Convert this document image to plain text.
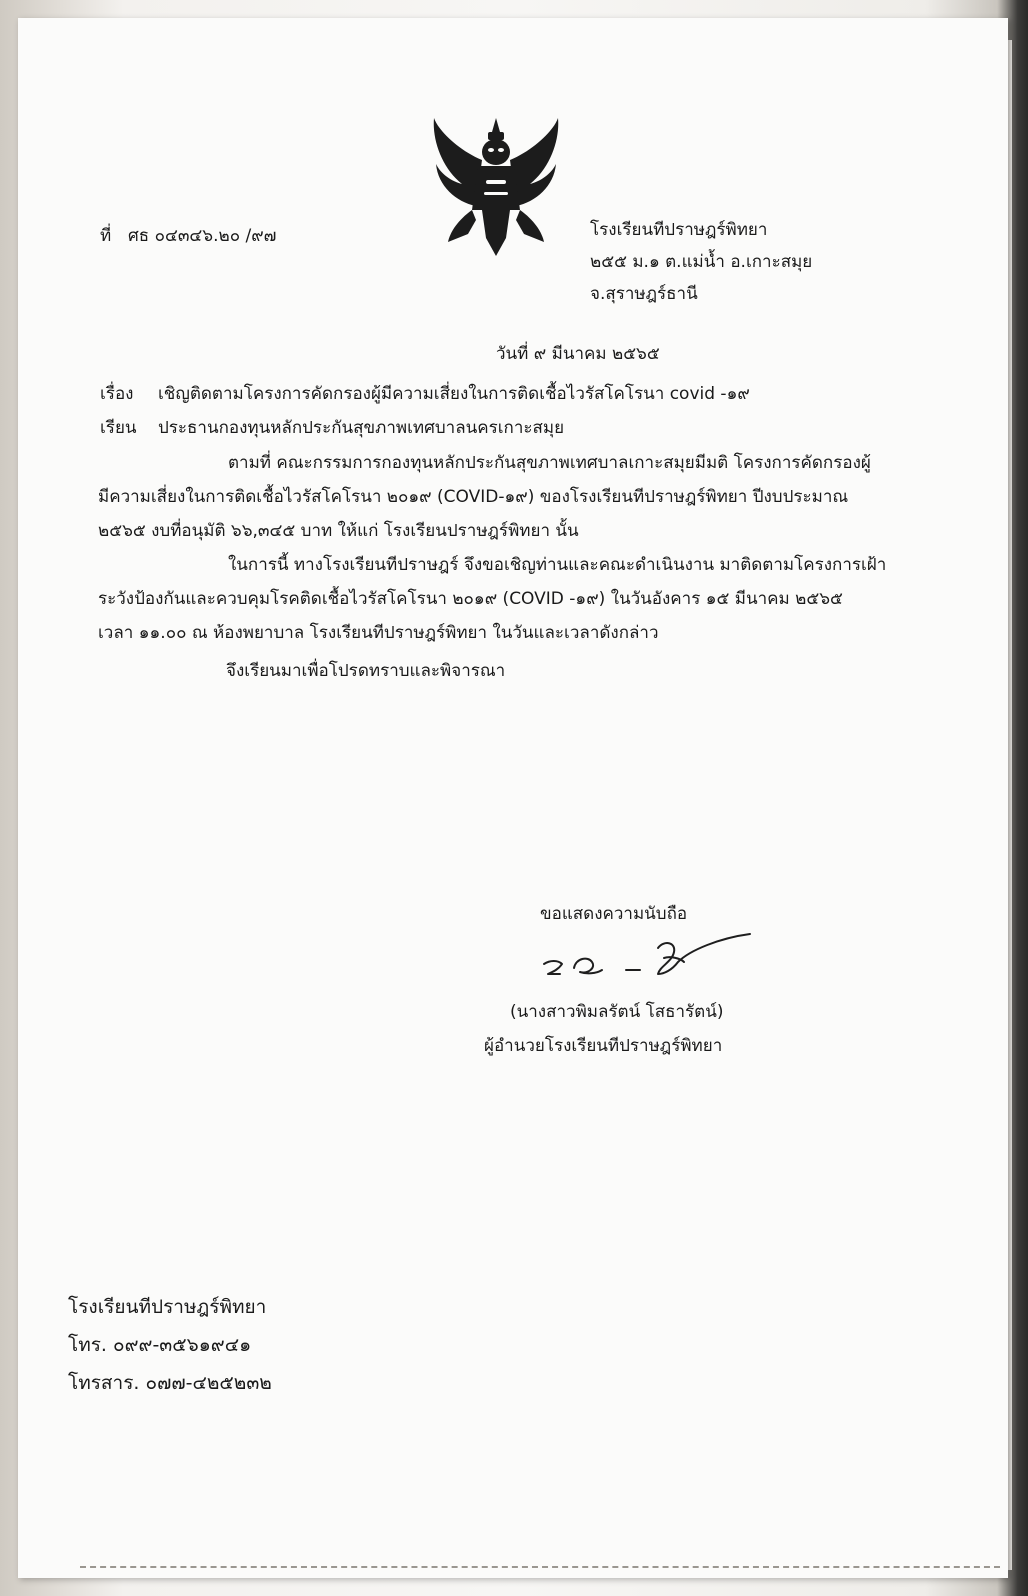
ที่ ศธ ๐๔๓๔๖.๒๐ /๙๗	โรงเรียนทีปราษฎร์พิทยา
๒๕๕ ม.๑ ต.แม่น้ำ อ.เกาะสมุย
จ.สุราษฎร์ธานี
วันที่ ๙ มีนาคม ๒๕๖๕
เรื่อง เชิญติดตามโครงการคัดกรองผู้มีความเสี่ยงในการติดเชื้อไวรัสโคโรนา covid -๑๙
เรียน ประธานกองทุนหลักประกันสุขภาพเทศบาลนครเกาะสมุย
ตามที่ คณะกรรมการกองทุนหลักประกันสุขภาพเทศบาลเกาะสมุยมีมติ โครงการคัดกรองผู้
มีความเสี่ยงในการติดเชื้อไวรัสโคโรนา ๒๐๑๙ (COVID-๑๙) ของโรงเรียนทีปราษฎร์พิทยา ปีงบประมาณ
๒๕๖๕ งบที่อนุมัติ ๖๖,๓๔๕ บาท ให้แก่ โรงเรียนปราษฎร์พิทยา นั้น
ในการนี้ ทางโรงเรียนทีปราษฎร์ จึงขอเชิญท่านและคณะดำเนินงาน มาติดตามโครงการเฝ้า
ระวังป้องกันและควบคุมโรคติดเชื้อไวรัสโคโรนา ๒๐๑๙ (COVID -๑๙) ในวันอังคาร ๑๕ มีนาคม ๒๕๖๕
เวลา ๑๑.๐๐ ณ ห้องพยาบาล โรงเรียนทีปราษฎร์พิทยา ในวันและเวลาดังกล่าว
จึงเรียนมาเพื่อโปรดทราบและพิจารณา
ขอแสดงความนับถือ
(นางสาวพิมลรัตน์ โสธารัตน์)
ผู้อำนวยโรงเรียนทีปราษฎร์พิทยา
โรงเรียนทีปราษฎร์พิทยา
โทร. ๐๙๙-๓๕๖๑๙๔๑
โทรสาร. ๐๗๗-๔๒๕๒๓๒
